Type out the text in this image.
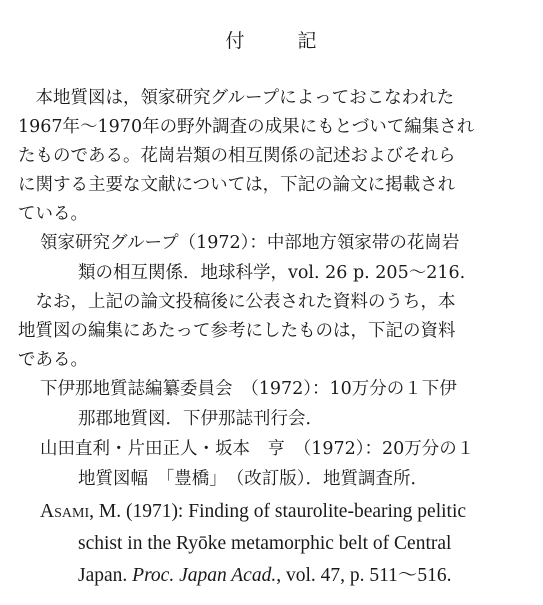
付	記
　本地質図は，領家研究グループによっておこなわれた
1967年〜1970年の野外調査の成果にもとづいて編集され
たものである。花崗岩類の相互関係の記述およびそれら
に関する主要な文献については，下記の論文に掲載され
ている。
領家研究グループ（1972）：中部地方領家帯の花崗岩
類の相互関係．地球科学，vol. 26 p. 205〜216.
　なお，上記の論文投稿後に公表された資料のうち，本
地質図の編集にあたって参考にしたものは，下記の資料
である。
下伊那地質誌編纂委員会　（1972）：10万分の１下伊
那郡地質図．下伊那誌刊行会．
山田直利・片田正人・坂本　亨　（1972）：20万分の１
地質図幅　「豊橋」　（改訂版）．地質調査所．
Asami, M. (1971): Finding of staurolite-bearing pelitic
schist in the Ryōke metamorphic belt of Central
Japan. Proc. Japan Acad., vol. 47, p. 511〜516.
